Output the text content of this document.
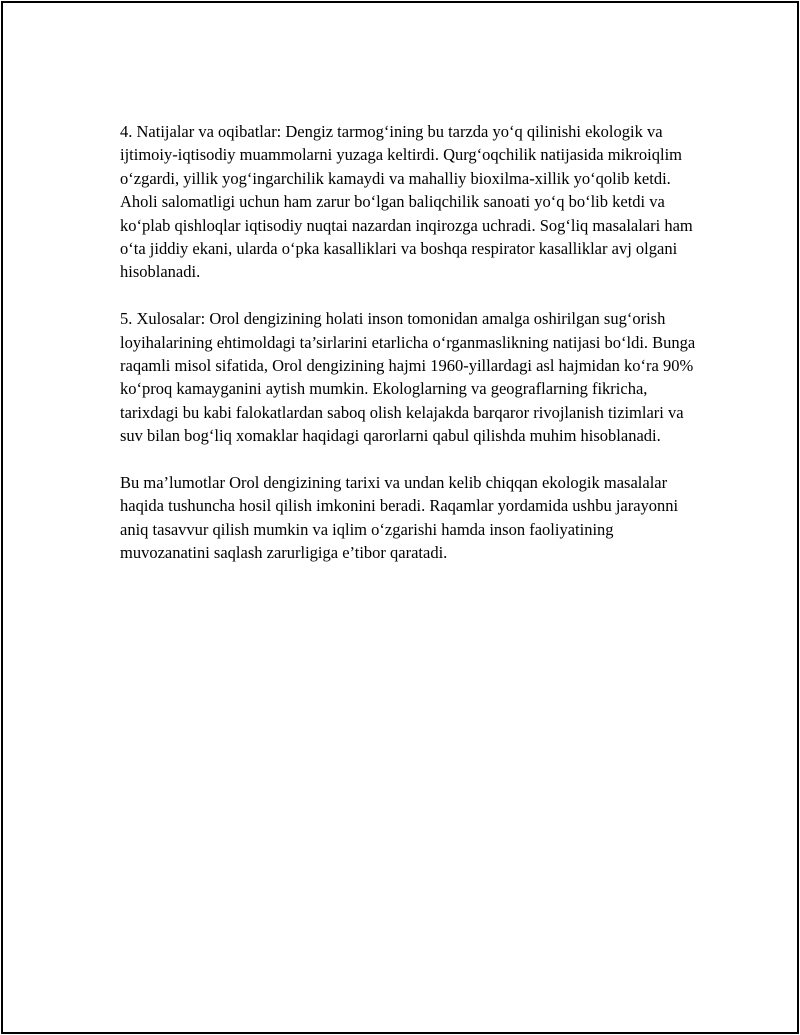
4. Natijalar va oqibatlar: Dengiz tarmog‘ining bu tarzda yo‘q qilinishi ekologik va ijtimoiy-iqtisodiy muammolarni yuzaga keltirdi. Qurg‘oqchilik natijasida mikroiqlim o‘zgardi, yillik yog‘ingarchilik kamaydi va mahalliy bioxilma-xillik yo‘qolib ketdi. Aholi salomatligi uchun ham zarur bo‘lgan baliqchilik sanoati yo‘q bo‘lib ketdi va ko‘plab qishloqlar iqtisodiy nuqtai nazardan inqirozga uchradi. Sog‘liq masalalari ham o‘ta jiddiy ekani, ularda o‘pka kasalliklari va boshqa respirator kasalliklar avj olgani hisoblanadi.

5. Xulosalar: Orol dengizining holati inson tomonidan amalga oshirilgan sug‘orish loyihalarining ehtimoldagi ta’sirlarini etarlicha o‘rganmaslikning natijasi bo‘ldi. Bunga raqamli misol sifatida, Orol dengizining hajmi 1960-yillardagi asl hajmidan ko‘ra 90% ko‘proq kamayganini aytish mumkin. Ekologlarning va geograflarning fikricha, tarixdagi bu kabi falokatlardan saboq olish kelajakda barqaror rivojlanish tizimlari va suv bilan bog‘liq xomaklar haqidagi qarorlarni qabul qilishda muhim hisoblanadi.

Bu ma’lumotlar Orol dengizining tarixi va undan kelib chiqqan ekologik masalalar haqida tushuncha hosil qilish imkonini beradi. Raqamlar yordamida ushbu jarayonni aniq tasavvur qilish mumkin va iqlim o‘zgarishi hamda inson faoliyatining muvozanatini saqlash zarurligiga e’tibor qaratadi.
